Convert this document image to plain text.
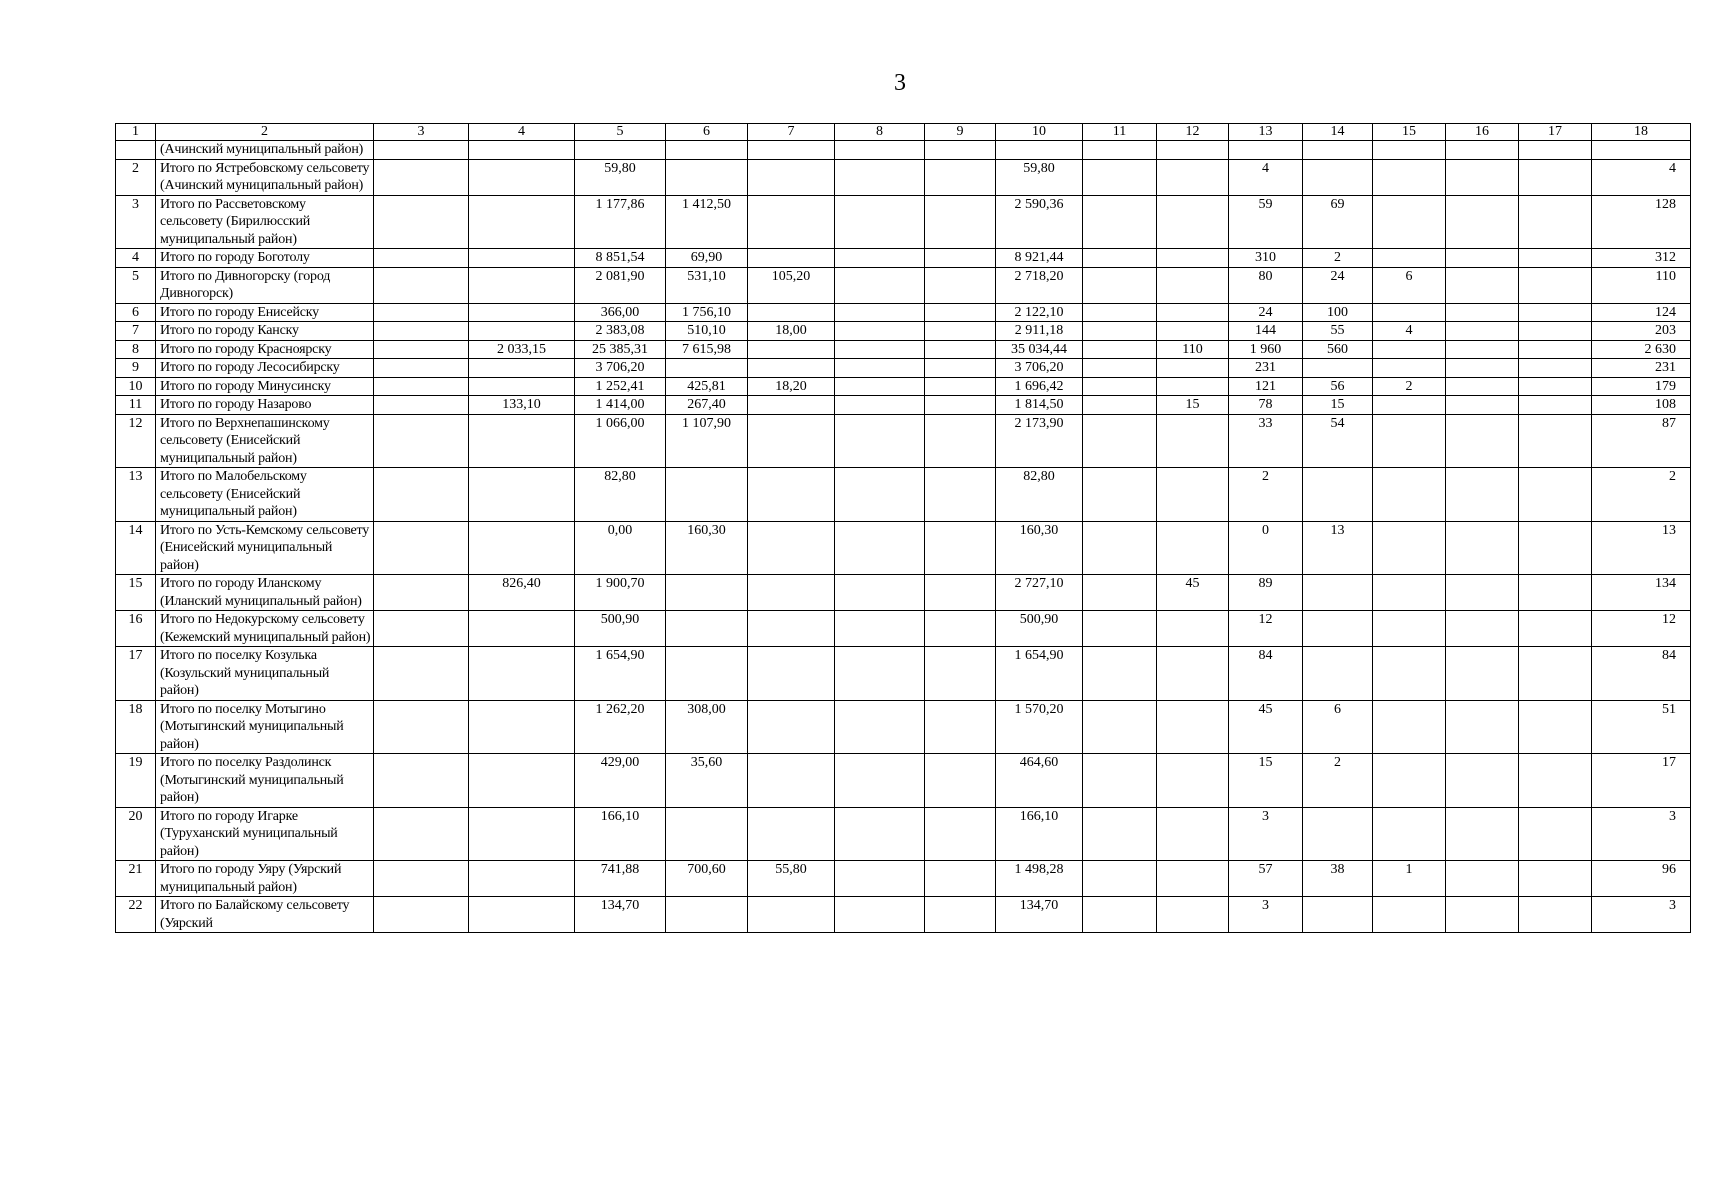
3
1	2	3	4	5	6	7	8	9	10	11	12	13	14	15	16	17	18
	(Ачинский муниципальный район)																
2	Итого по Ястребовскому сельсовету (Ачинский муниципальный район)			59,80					59,80			4					4
3	Итого по Рассветовскому сельсовету (Бирилюсский муниципальный район)			1 177,86	1 412,50				2 590,36			59	69				128
4	Итого по городу Боготолу			8 851,54	69,90				8 921,44			310	2				312
5	Итого по Дивногорску (город Дивногорск)			2 081,90	531,10	105,20			2 718,20			80	24	6			110
6	Итого по городу Енисейску			366,00	1 756,10				2 122,10			24	100				124
7	Итого по городу Канску			2 383,08	510,10	18,00			2 911,18			144	55	4			203
8	Итого по городу Красноярску		2 033,15	25 385,31	7 615,98				35 034,44		110	1 960	560				2 630
9	Итого по городу Лесосибирску			3 706,20					3 706,20			231					231
10	Итого по городу Минусинску			1 252,41	425,81	18,20			1 696,42			121	56	2			179
11	Итого по городу Назарово		133,10	1 414,00	267,40				1 814,50		15	78	15				108
12	Итого по Верхнепашинскому сельсовету (Енисейский муниципальный район)			1 066,00	1 107,90				2 173,90			33	54				87
13	Итого по Малобельскому сельсовету (Енисейский муниципальный район)			82,80					82,80			2					2
14	Итого по Усть-Кемскому сельсовету (Енисейский муниципальный район)			0,00	160,30				160,30			0	13				13
15	Итого по городу Иланскому (Иланский муниципальный район)		826,40	1 900,70					2 727,10		45	89					134
16	Итого по Недокурскому сельсовету (Кежемский муниципальный район)			500,90					500,90			12					12
17	Итого по поселку Козулька (Козульский муниципальный район)			1 654,90					1 654,90			84					84
18	Итого по поселку Мотыгино (Мотыгинский муниципальный район)			1 262,20	308,00				1 570,20			45	6				51
19	Итого по поселку Раздолинск (Мотыгинский муниципальный район)			429,00	35,60				464,60			15	2				17
20	Итого по городу Игарке (Туруханский муниципальный район)			166,10					166,10			3					3
21	Итого по городу Уяру (Уярский муниципальный район)			741,88	700,60	55,80			1 498,28			57	38	1			96
22	Итого по Балайскому сельсовету (Уярский			134,70					134,70			3					3
